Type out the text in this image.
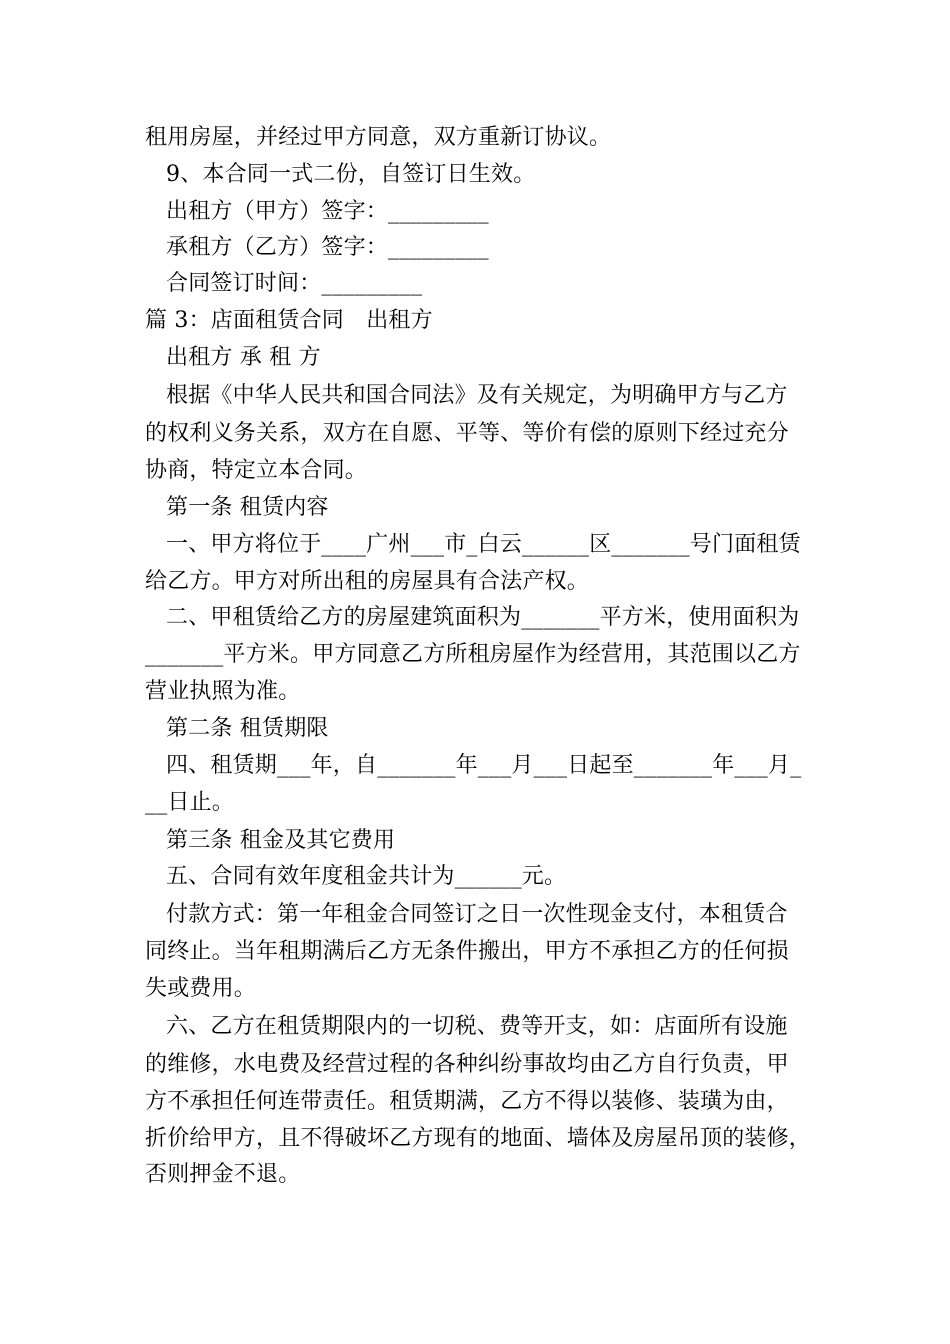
租用房屋，并经过甲方同意，双方重新订协议。
9、本合同一式二份，自签订日生效。
出租方（甲方）签字：_________
承租方（乙方）签字：_________
合同签订时间：_________
篇 3：店面租赁合同　出租方
出租方 承 租 方
根据《中华人民共和国合同法》及有关规定，为明确甲方与乙方
的权利义务关系，双方在自愿、平等、等价有偿的原则下经过充分
协商，特定立本合同。
第一条 租赁内容
一、甲方将位于____广州___市_白云______区_______号门面租赁
给乙方。甲方对所出租的房屋具有合法产权。
二、甲租赁给乙方的房屋建筑面积为_______平方米，使用面积为
_______平方米。甲方同意乙方所租房屋作为经营用，其范围以乙方
营业执照为准。
第二条 租赁期限
四、租赁期___年，自_______年___月___日起至_______年___月_
__日止。
第三条 租金及其它费用
五、合同有效年度租金共计为______元。
付款方式：第一年租金合同签订之日一次性现金支付，本租赁合
同终止。当年租期满后乙方无条件搬出，甲方不承担乙方的任何损
失或费用。
六、乙方在租赁期限内的一切税、费等开支，如：店面所有设施
的维修，水电费及经营过程的各种纠纷事故均由乙方自行负责，甲
方不承担任何连带责任。租赁期满，乙方不得以装修、装璜为由，
折价给甲方，且不得破坏乙方现有的地面、墙体及房屋吊顶的装修，
否则押金不退。
